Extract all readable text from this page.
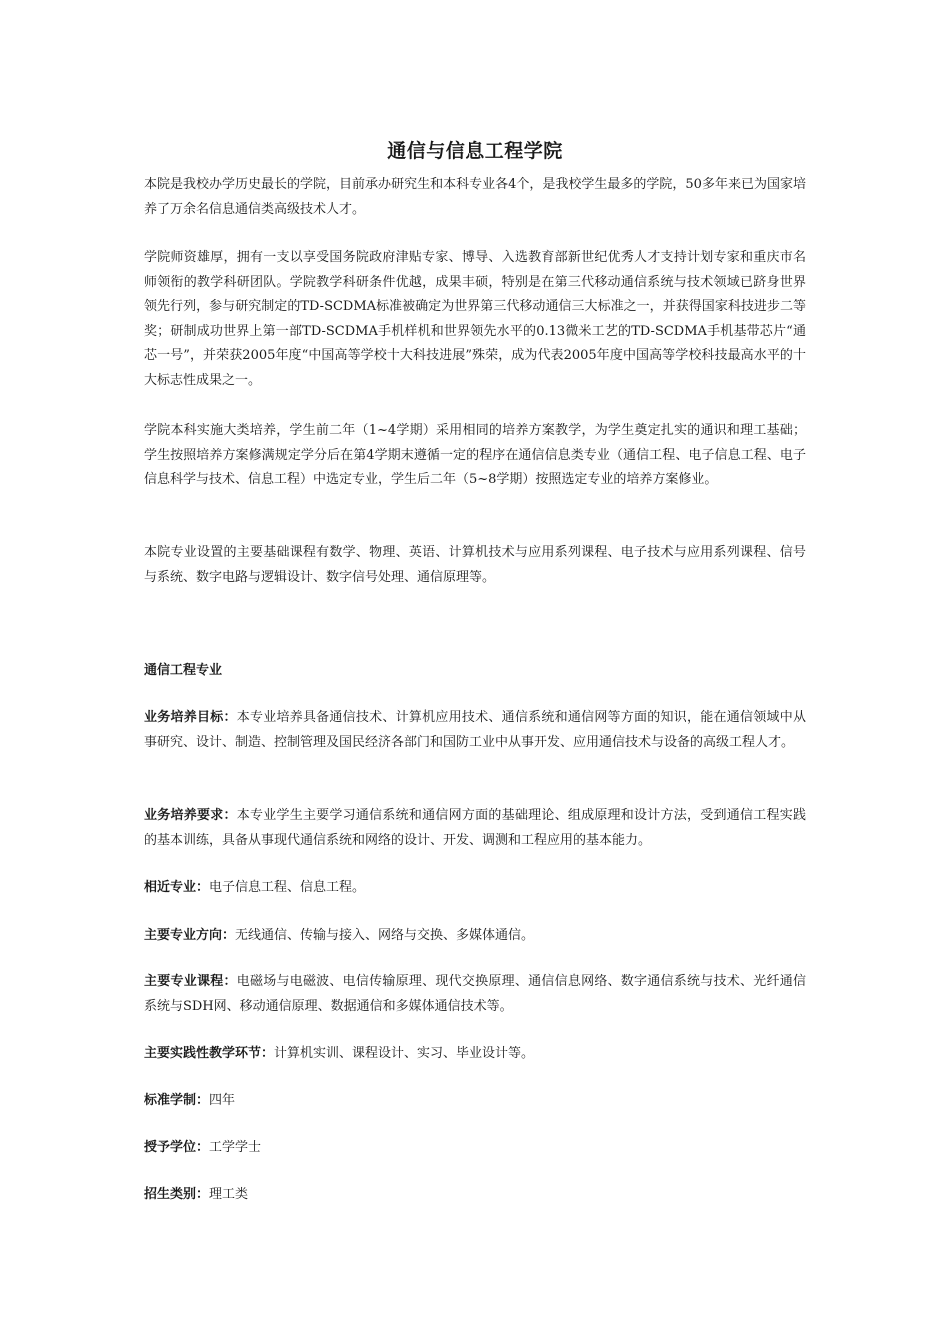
通信与信息工程学院

本院是我校办学历史最长的学院，目前承办研究生和本科专业各4个，是我校学生最多的学院，50多年来已为国家培养了万余名信息通信类高级技术人才。

学院师资雄厚，拥有一支以享受国务院政府津贴专家、博导、入选教育部新世纪优秀人才支持计划专家和重庆市名师领衔的教学科研团队。学院教学科研条件优越，成果丰硕，特别是在第三代移动通信系统与技术领域已跻身世界领先行列，参与研究制定的TD-SCDMA标准被确定为世界第三代移动通信三大标准之一，并获得国家科技进步二等奖；研制成功世界上第一部TD-SCDMA手机样机和世界领先水平的0.13微米工艺的TD-SCDMA手机基带芯片“通芯一号”，并荣获2005年度“中国高等学校十大科技进展”殊荣，成为代表2005年度中国高等学校科技最高水平的十大标志性成果之一。

学院本科实施大类培养，学生前二年（1~4学期）采用相同的培养方案教学，为学生奠定扎实的通识和理工基础；学生按照培养方案修满规定学分后在第4学期末遵循一定的程序在通信信息类专业（通信工程、电子信息工程、电子信息科学与技术、信息工程）中选定专业，学生后二年（5~8学期）按照选定专业的培养方案修业。

本院专业设置的主要基础课程有数学、物理、英语、计算机技术与应用系列课程、电子技术与应用系列课程、信号与系统、数字电路与逻辑设计、数字信号处理、通信原理等。

通信工程专业

业务培养目标：本专业培养具备通信技术、计算机应用技术、通信系统和通信网等方面的知识，能在通信领域中从事研究、设计、制造、控制管理及国民经济各部门和国防工业中从事开发、应用通信技术与设备的高级工程人才。

业务培养要求：本专业学生主要学习通信系统和通信网方面的基础理论、组成原理和设计方法，受到通信工程实践的基本训练，具备从事现代通信系统和网络的设计、开发、调测和工程应用的基本能力。

相近专业：电子信息工程、信息工程。

主要专业方向：无线通信、传输与接入、网络与交换、多媒体通信。

主要专业课程：电磁场与电磁波、电信传输原理、现代交换原理、通信信息网络、数字通信系统与技术、光纤通信系统与SDH网、移动通信原理、数据通信和多媒体通信技术等。

主要实践性教学环节：计算机实训、课程设计、实习、毕业设计等。

标准学制：四年

授予学位：工学学士

招生类别：理工类
